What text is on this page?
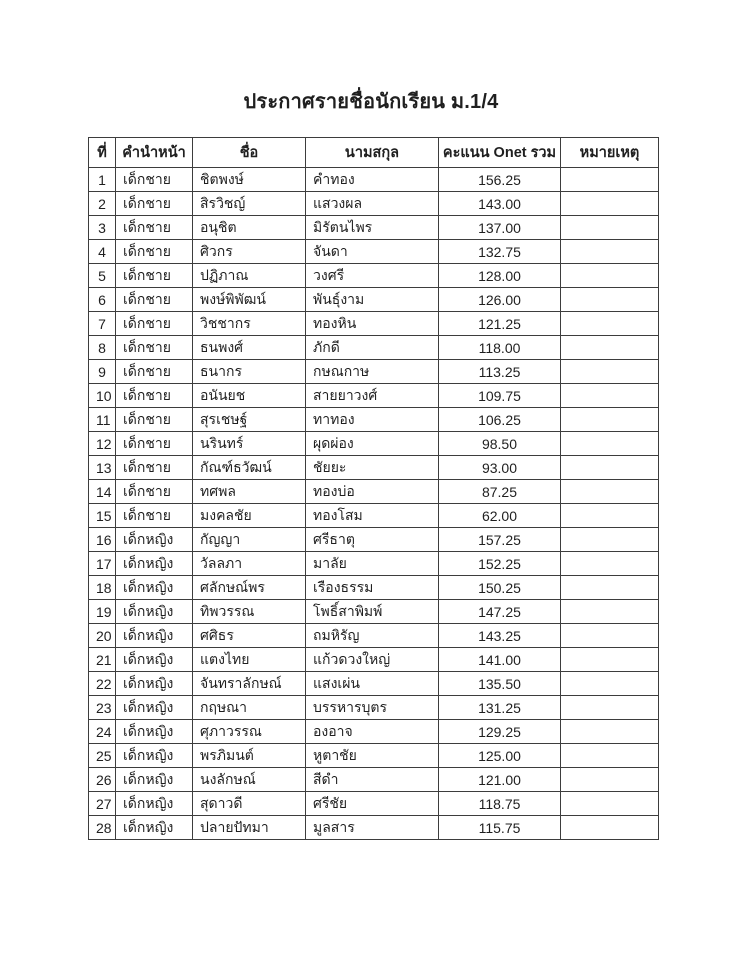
ประกาศรายชื่อนักเรียน ม.1/4
ที่	คำนำหน้า	ชื่อ	นามสกุล	คะแนน Onet รวม	หมายเหตุ
1	เด็กชาย	ชิตพงษ์	คำทอง	156.25	
2	เด็กชาย	สิรวิชญ์	แสวงผล	143.00	
3	เด็กชาย	อนุชิต	มิรัตนไพร	137.00	
4	เด็กชาย	ศิวกร	จันดา	132.75	
5	เด็กชาย	ปฏิภาณ	วงศรี	128.00	
6	เด็กชาย	พงษ์พิพัฒน์	พันธุ์งาม	126.00	
7	เด็กชาย	วิชชากร	ทองหิน	121.25	
8	เด็กชาย	ธนพงศ์	ภักดี	118.00	
9	เด็กชาย	ธนากร	กษณกาษ	113.25	
10	เด็กชาย	อนันยช	สายยาวงศ์	109.75	
11	เด็กชาย	สุรเชษฐ์	ทาทอง	106.25	
12	เด็กชาย	นรินทร์	ผุดผ่อง	98.50	
13	เด็กชาย	กัณฑ์ธวัฒน์	ชัยยะ	93.00	
14	เด็กชาย	ทศพล	ทองบ่อ	87.25	
15	เด็กชาย	มงคลชัย	ทองโสม	62.00	
16	เด็กหญิง	กัญญา	ศรีธาตุ	157.25	
17	เด็กหญิง	วัลลภา	มาลัย	152.25	
18	เด็กหญิง	ศลักษณ์พร	เรืองธรรม	150.25	
19	เด็กหญิง	ทิพวรรณ	โพธิ์สาพิมพ์	147.25	
20	เด็กหญิง	ศศิธร	ถมหิรัญ	143.25	
21	เด็กหญิง	แตงไทย	แก้วดวงใหญ่	141.00	
22	เด็กหญิง	จันทราลักษณ์	แสงเผ่น	135.50	
23	เด็กหญิง	กฤษณา	บรรหารบุตร	131.25	
24	เด็กหญิง	ศุภาวรรณ	องอาจ	129.25	
25	เด็กหญิง	พรภิมนต์	หูตาชัย	125.00	
26	เด็กหญิง	นงลักษณ์	สีดำ	121.00	
27	เด็กหญิง	สุดาวดี	ศรีชัย	118.75	
28	เด็กหญิง	ปลายปัทมา	มูลสาร	115.75	
